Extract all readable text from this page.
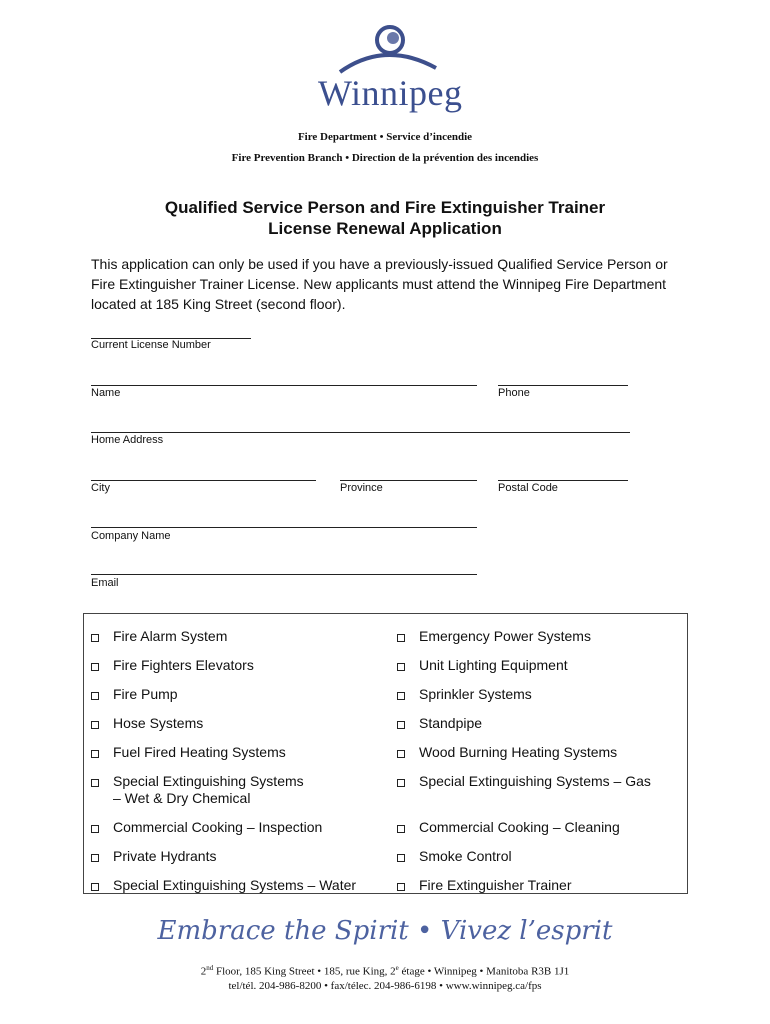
Winnipeg
Fire Department • Service d’incendie
Fire Prevention Branch • Direction de la prévention des incendies
Qualified Service Person and Fire Extinguisher Trainer
License Renewal Application
This application can only be used if you have a previously-issued Qualified Service Person or Fire Extinguisher Trainer License. New applicants must attend the Winnipeg Fire Department located at 185 King Street (second floor).
Current License Number
Name	Phone
Home Address
City	Province	Postal Code
Company Name
Email
Fire Alarm System
Fire Fighters Elevators
Fire Pump
Hose Systems
Fuel Fired Heating Systems
Special Extinguishing Systems
– Wet & Dry Chemical
Commercial Cooking – Inspection
Private Hydrants
Special Extinguishing Systems – Water
Emergency Power Systems
Unit Lighting Equipment
Sprinkler Systems
Standpipe
Wood Burning Heating Systems
Special Extinguishing Systems – Gas
Commercial Cooking – Cleaning
Smoke Control
Fire Extinguisher Trainer
Embrace the Spirit • Vivez l’esprit
2nd Floor, 185 King Street • 185, rue King, 2e étage • Winnipeg • Manitoba R3B 1J1
tel/tél. 204-986-8200 • fax/télec. 204-986-6198 • www.winnipeg.ca/fps
